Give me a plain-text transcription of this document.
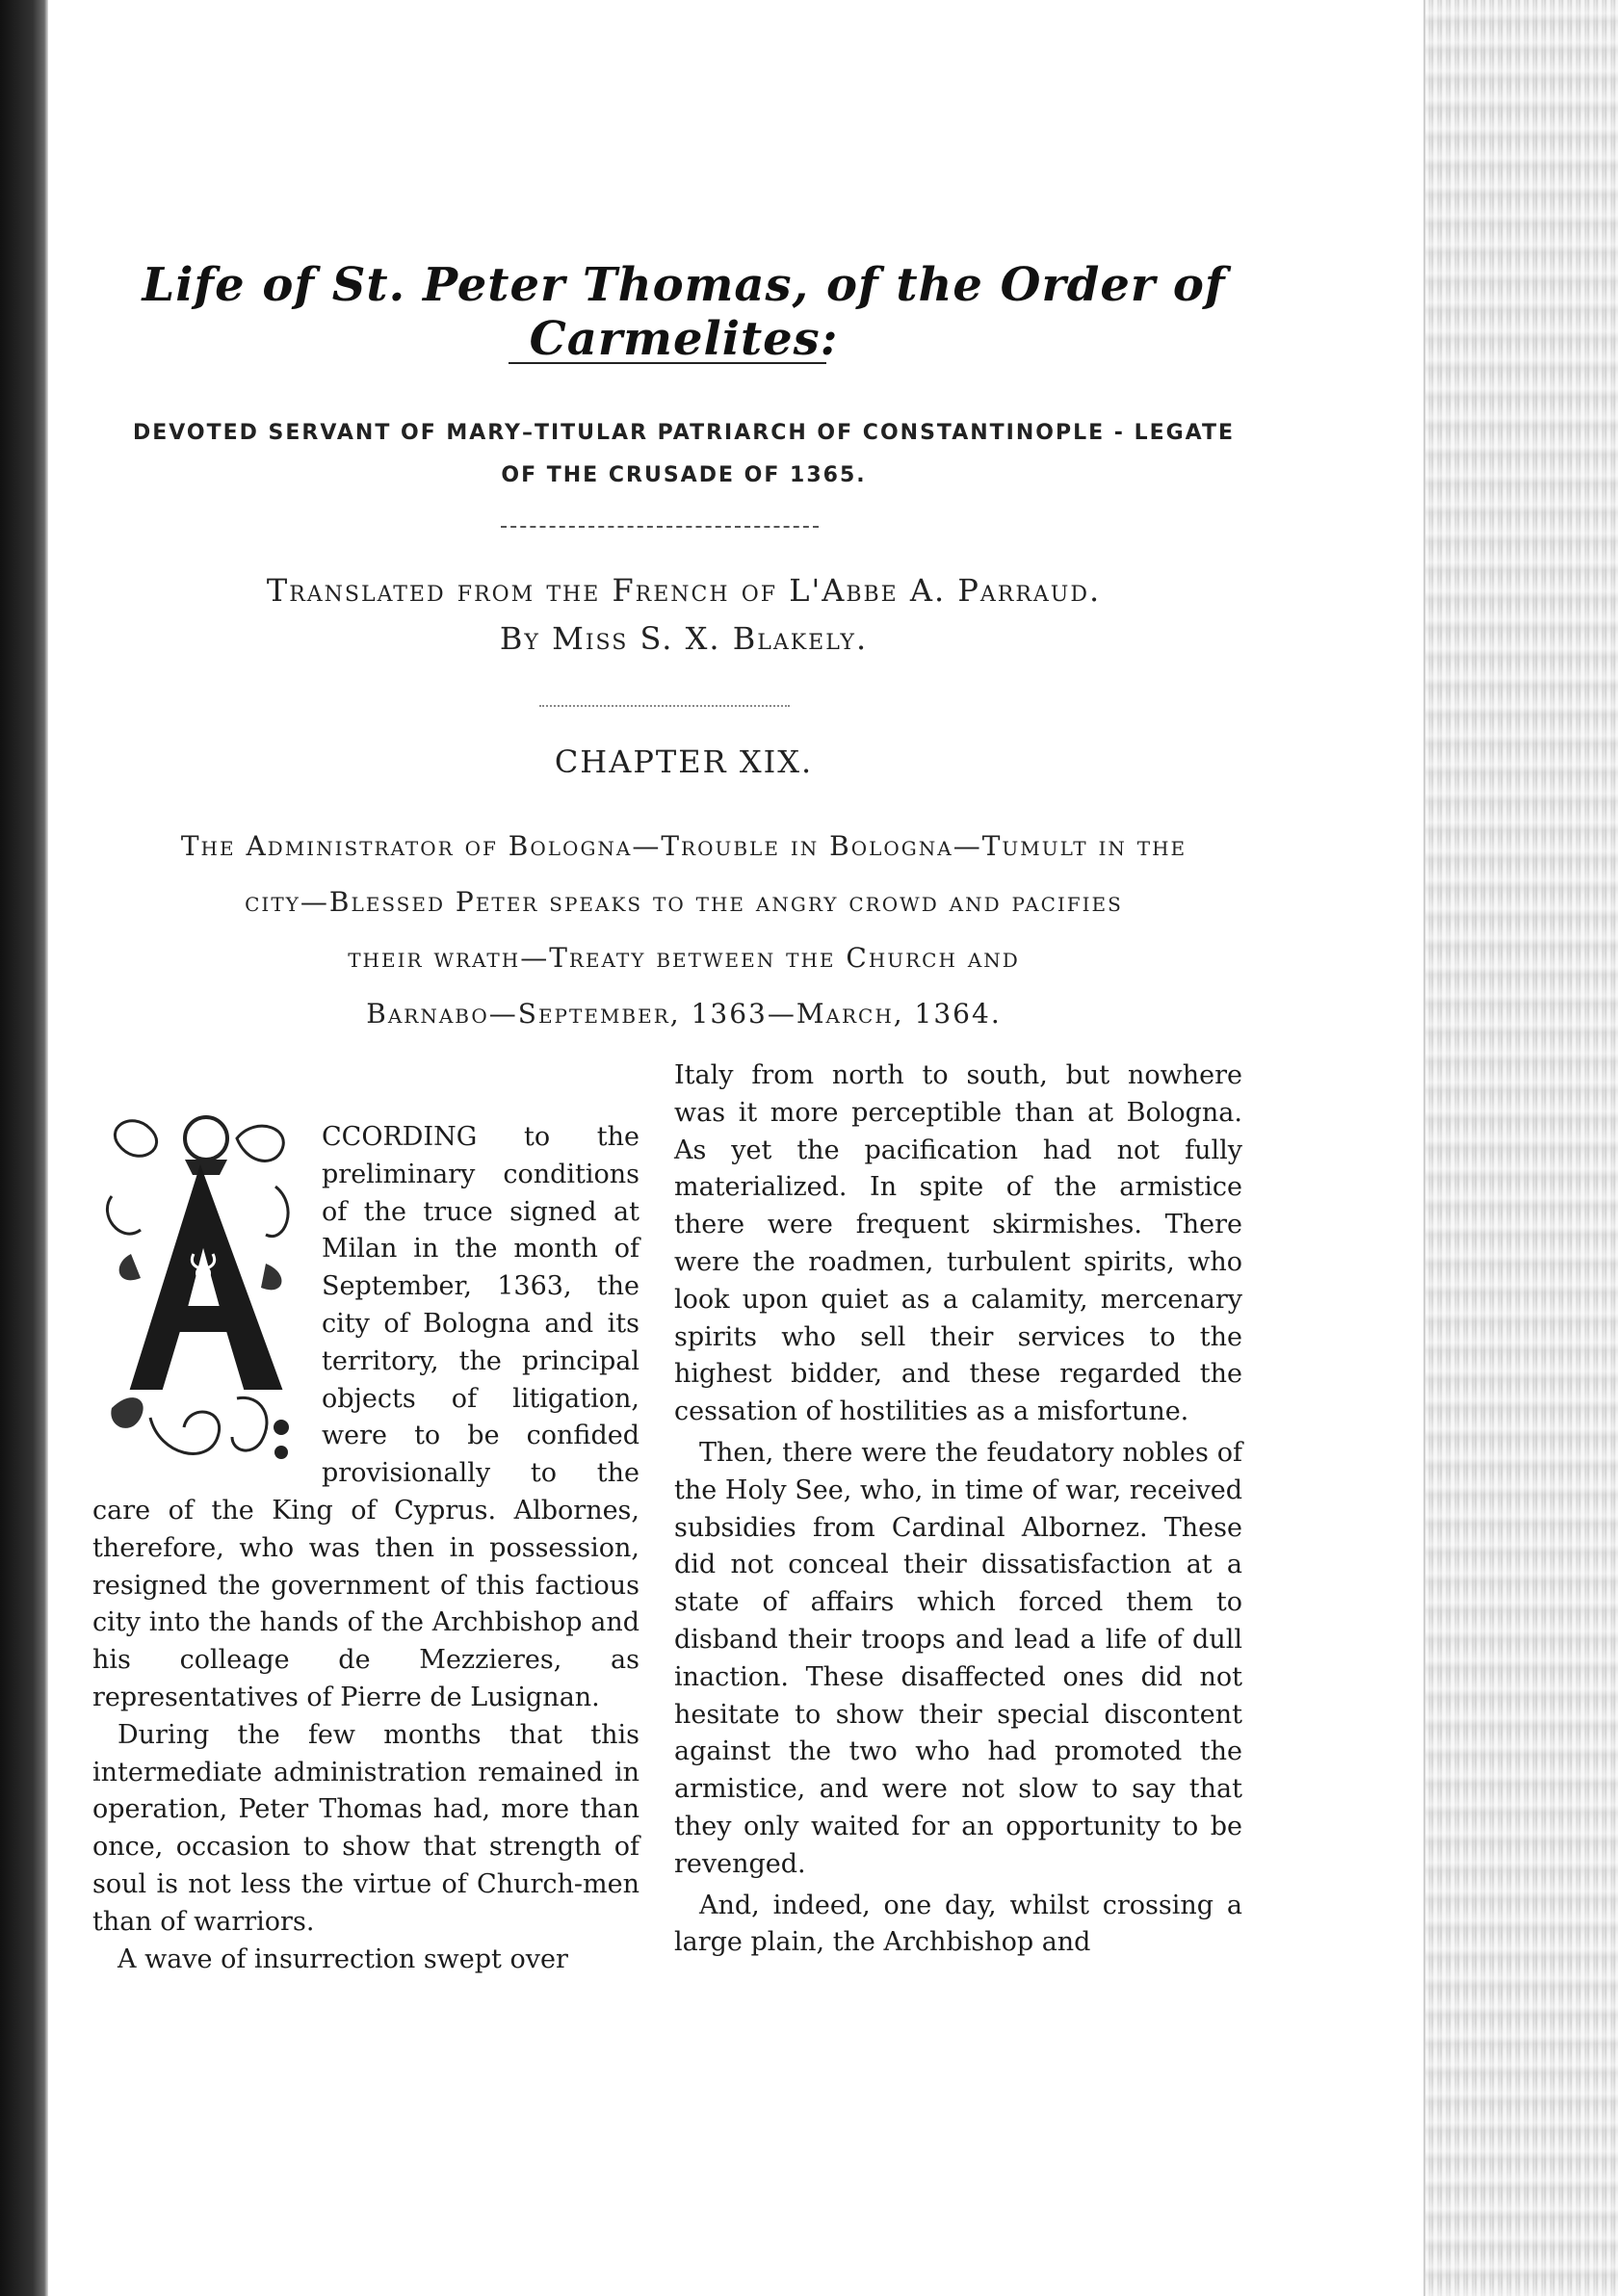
Life of St. Peter Thomas, of the Order of Carmelites:
DEVOTED SERVANT OF MARY–TITULAR PATRIARCH OF CONSTANTINOPLE - LEGATE
OF THE CRUSADE OF 1365.
Translated from the French of L'Abbe A. Parraud.
By Miss S. X. Blakely.
CHAPTER XIX.
The Administrator of Bologna—Trouble in Bologna—Tumult in the
city—Blessed Peter speaks to the angry crowd and pacifies
their wrath—Treaty between the Church and
Barnabo—September, 1363—March, 1364.

CCORDING to the preliminary conditions of the truce signed at Milan in the month of September, 1363, the city of Bologna and its territory, the principal objects of litigation, were to be confided provisionally to the care of the King of Cyprus. Albornes, therefore, who was then in possession, resigned the government of this factious city into the hands of the Archbishop and his colleage de Mezzieres, as representatives of Pierre de Lusignan.

During the few months that this intermediate administration remained in operation, Peter Thomas had, more than once, occasion to show that strength of soul is not less the virtue of Church-men than of warriors.

A wave of insurrection swept over

Italy from north to south, but nowhere was it more perceptible than at Bologna. As yet the pacification had not fully materialized. In spite of the armistice there were frequent skirmishes. There were the roadmen, turbulent spirits, who look upon quiet as a calamity, mercenary spirits who sell their services to the highest bidder, and these regarded the cessation of hostilities as a misfortune.

Then, there were the feudatory nobles of the Holy See, who, in time of war, received subsidies from Cardinal Albornez. These did not conceal their dissatisfaction at a state of affairs which forced them to disband their troops and lead a life of dull inaction. These disaffected ones did not hesitate to show their special discontent against the two who had promoted the armistice, and were not slow to say that they only waited for an opportunity to be revenged.

And, indeed, one day, whilst crossing a large plain, the Archbishop and
